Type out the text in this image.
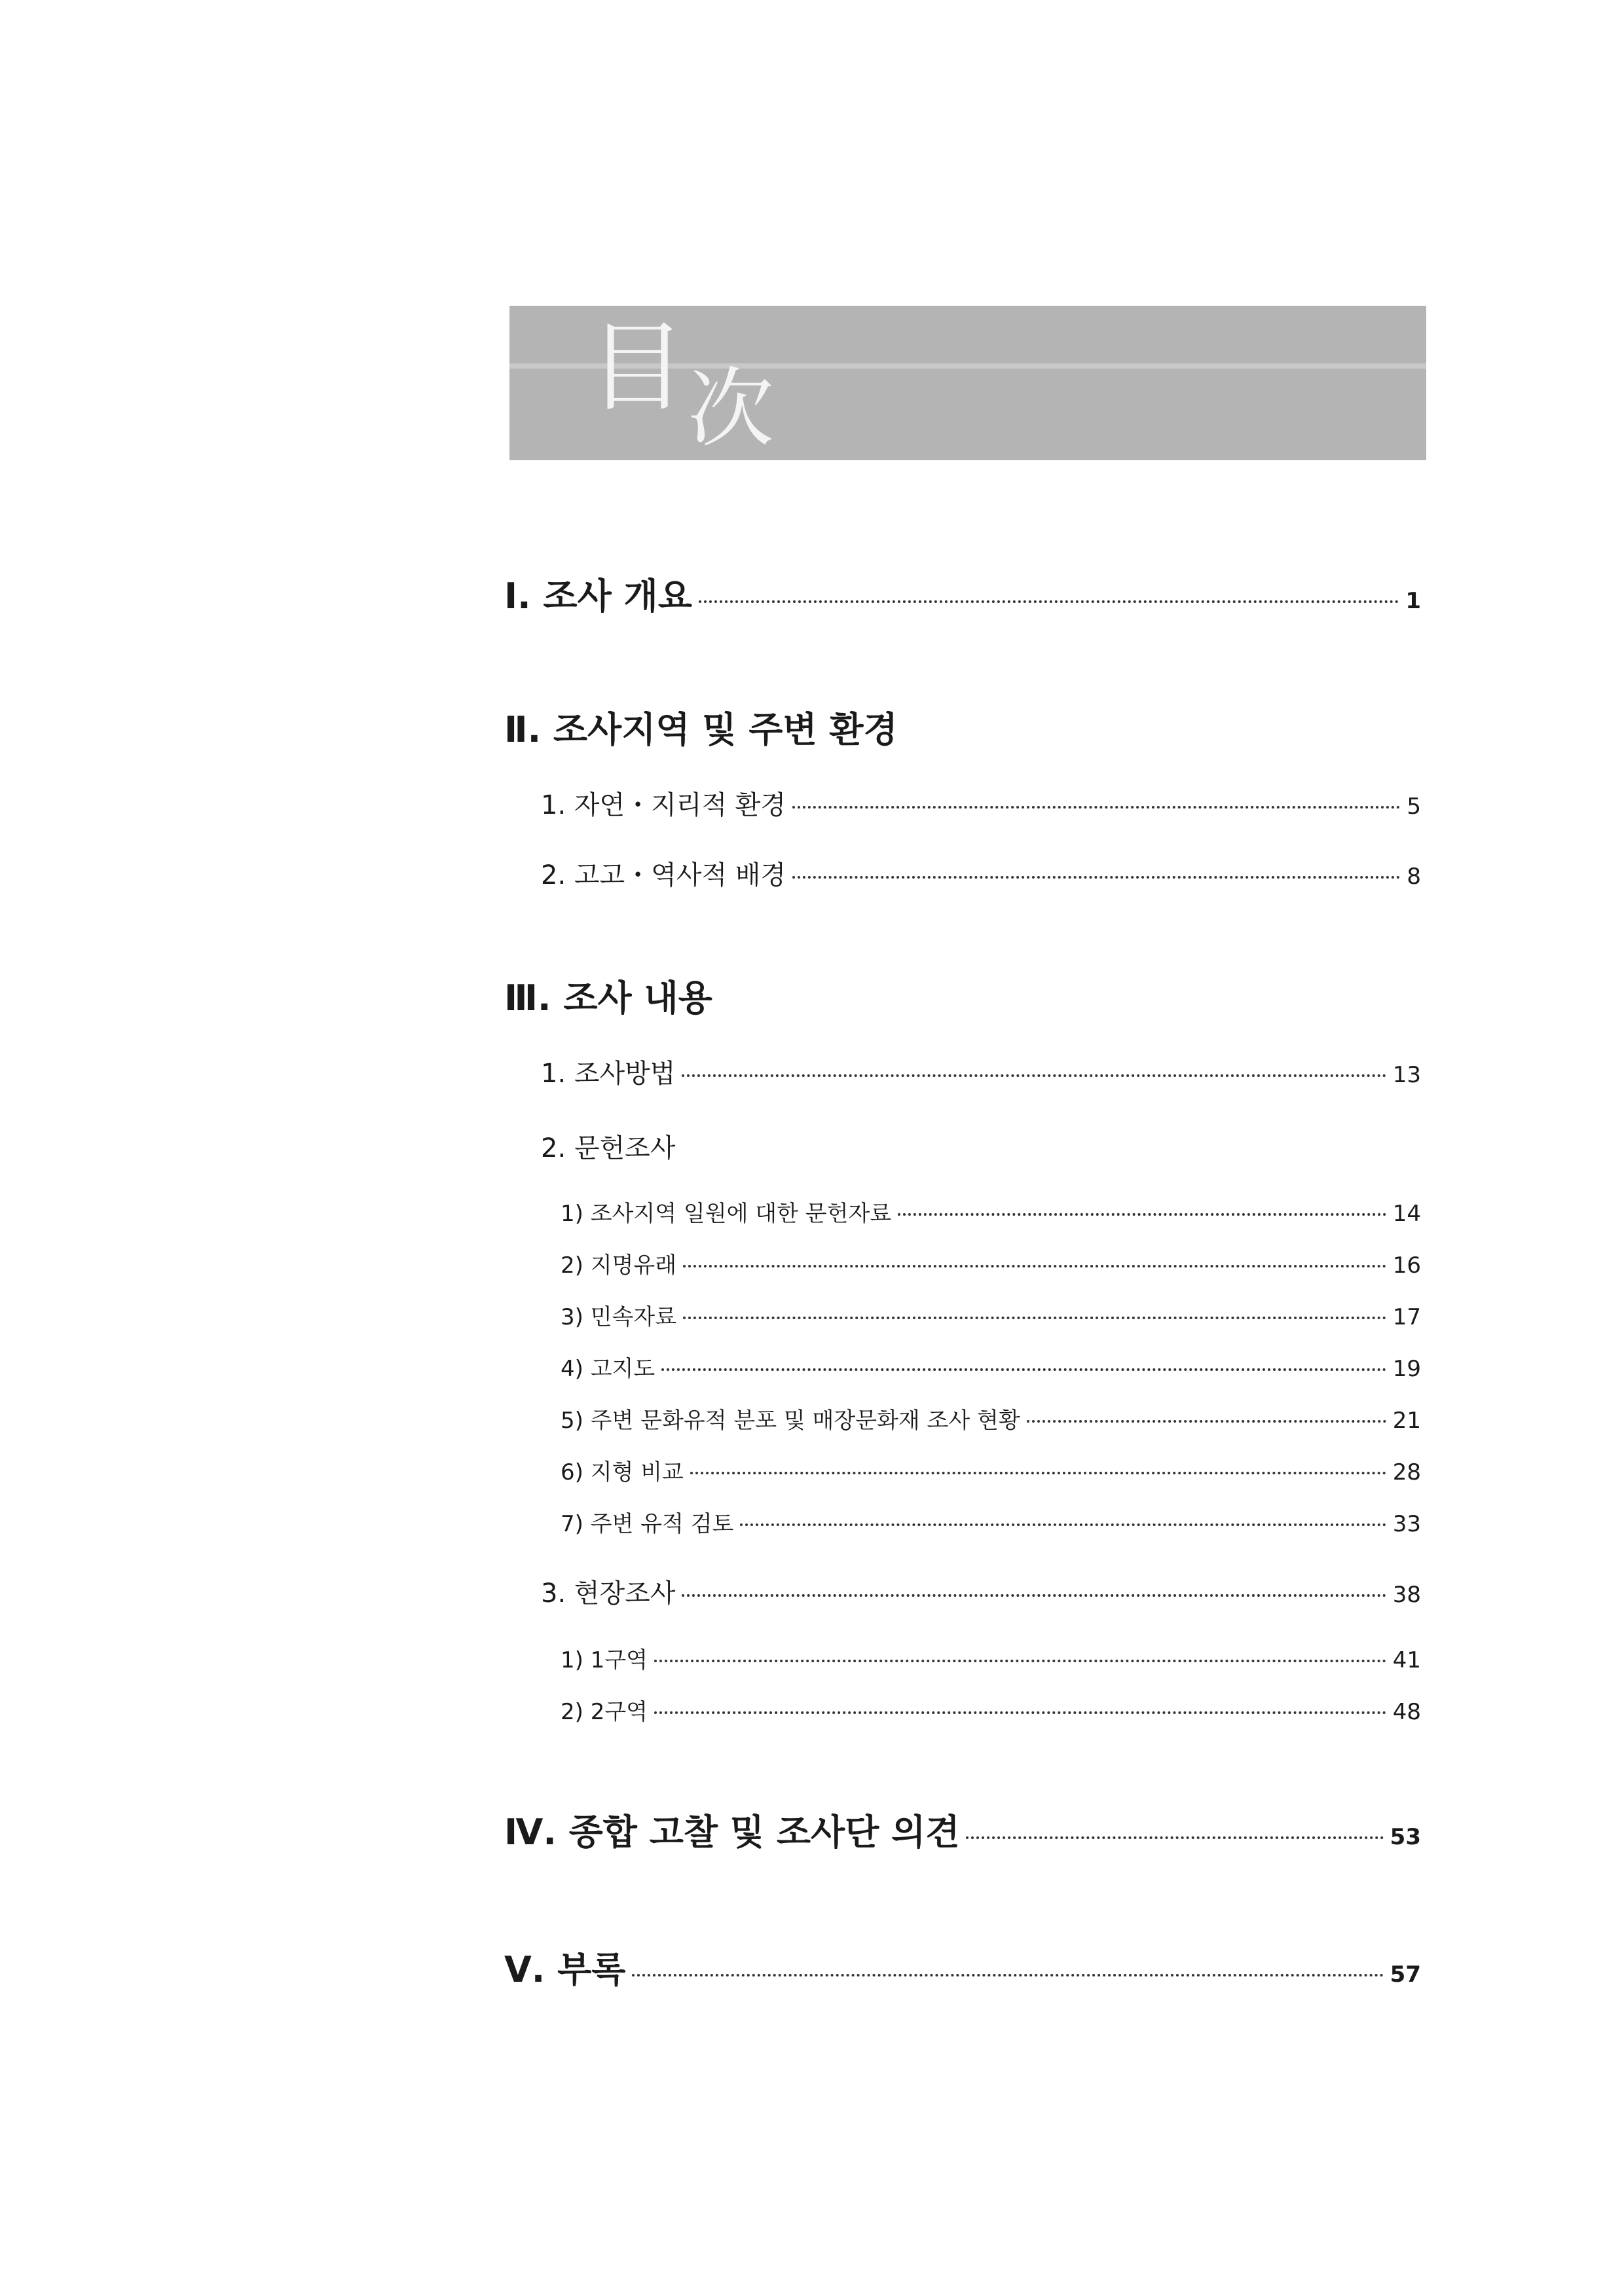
目 次
Ⅰ. 조사 개요	1
Ⅱ. 조사지역 및 주변 환경
1. 자연・지리적 환경	5
2. 고고・역사적 배경	8
Ⅲ. 조사 내용
1. 조사방법	13
2. 문헌조사
1) 조사지역 일원에 대한 문헌자료	14
2) 지명유래	16
3) 민속자료	17
4) 고지도	19
5) 주변 문화유적 분포 및 매장문화재 조사 현황	21
6) 지형 비교	28
7) 주변 유적 검토	33
3. 현장조사	38
1) 1구역	41
2) 2구역	48
Ⅳ. 종합 고찰 및 조사단 의견	53
Ⅴ. 부록	57
